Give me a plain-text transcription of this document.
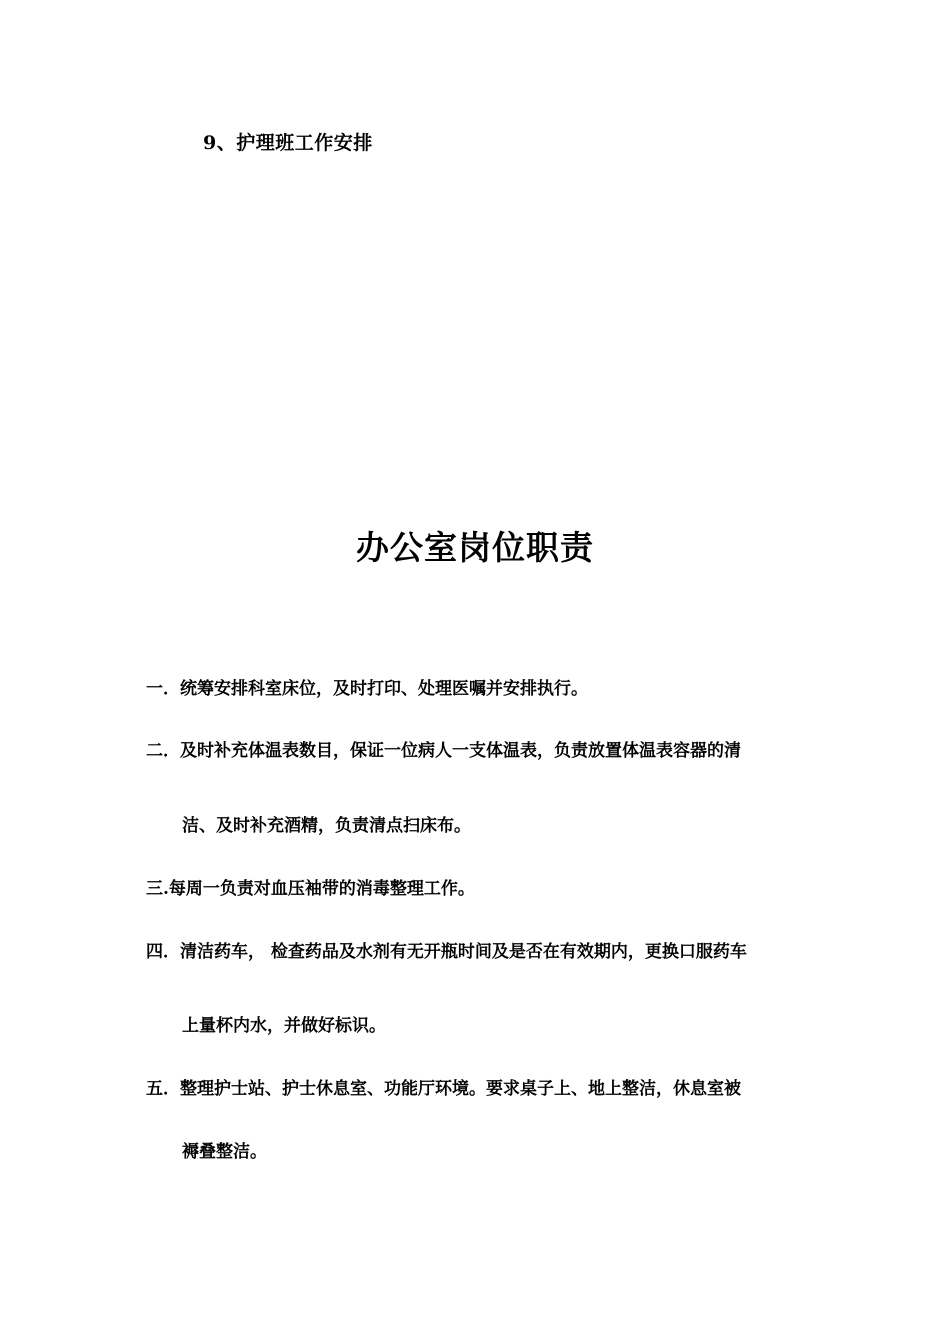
9、护理班工作安排
办公室岗位职责
一．统筹安排科室床位，及时打印、处理医嘱并安排执行。
二．及时补充体温表数目，保证一位病人一支体温表，负责放置体温表容器的清
洁、及时补充酒精，负责清点扫床布。
三.每周一负责对血压袖带的消毒整理工作。
四．清洁药车， 检查药品及水剂有无开瓶时间及是否在有效期内，更换口服药车
上量杯内水，并做好标识。
五．整理护士站、护士休息室、功能厅环境。要求桌子上、地上整洁，休息室被
褥叠整洁。
